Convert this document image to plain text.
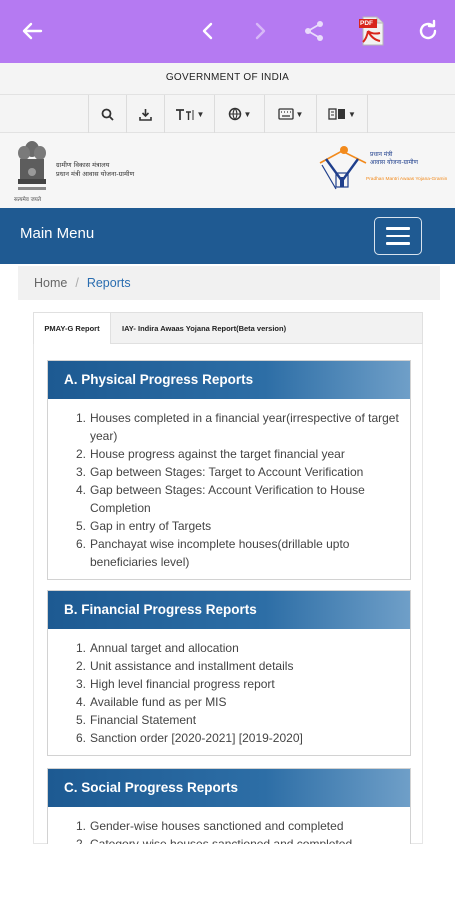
PDF
GOVERNMENT OF INDIA
▼	▼	▼	▼
ग्रामीण विकास मंत्रालय
प्रधान मंत्री आवास योजना-ग्रामीण
सत्यमेव जयते
प्रधान मंत्री
आवास योजना-ग्रामीण
Pradhan Mantri Awaas Yojana-Gramin
Main Menu
Home / Reports
PMAY-G Report	IAY- Indira Awaas Yojana Report(Beta version)
A. Physical Progress Reports
1. Houses completed in a financial year(irrespective of target year)
2. House progress against the target financial year
3. Gap between Stages: Target to Account Verification
4. Gap between Stages: Account Verification to House Completion
5. Gap in entry of Targets
6. Panchayat wise incomplete houses(drillable upto beneficiaries level)
B. Financial Progress Reports
1. Annual target and allocation
2. Unit assistance and installment details
3. High level financial progress report
4. Available fund as per MIS
5. Financial Statement
6. Sanction order [2020-2021] [2019-2020]
C. Social Progress Reports
1. Gender-wise houses sanctioned and completed
